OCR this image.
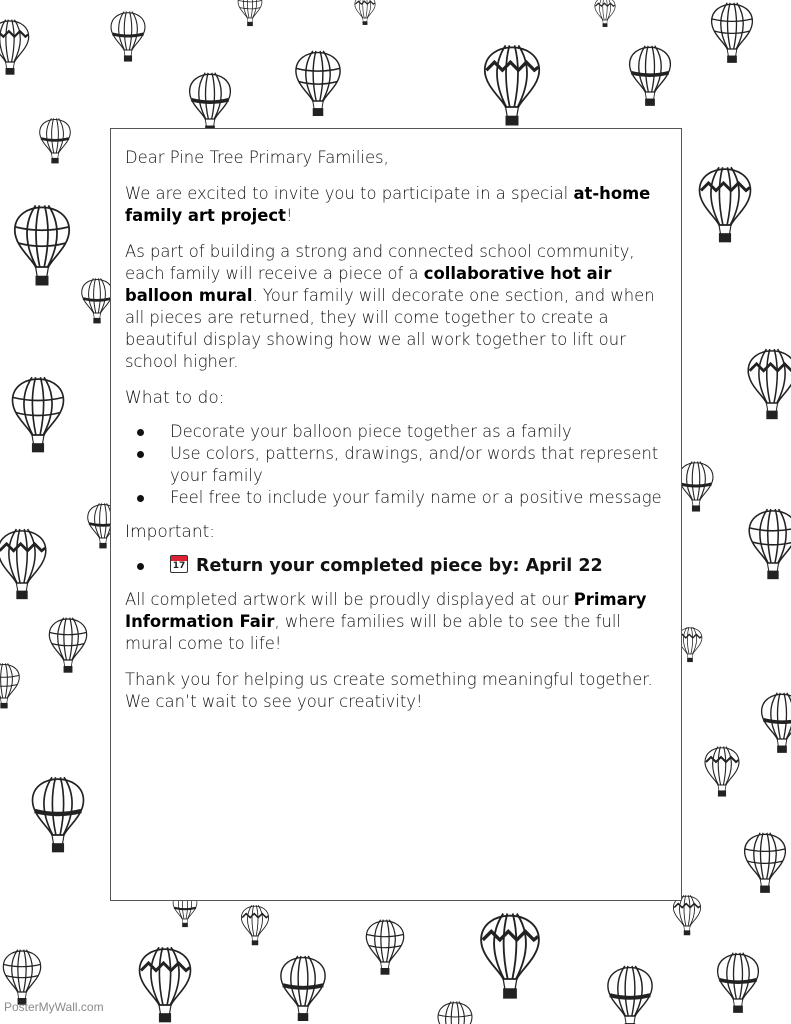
Dear Pine Tree Primary Families,

We are excited to invite you to participate in a special at-home family art project!

As part of building a strong and connected school community, each family will receive a piece of a collaborative hot air balloon mural. Your family will decorate one section, and when all pieces are returned, they will come together to create a beautiful display showing how we all work together to lift our school higher.

What to do:

Decorate your balloon piece together as a family
Use colors, patterns, drawings, and/or words that represent your family
Feel free to include your family name or a positive message

Important:

17 Return your completed piece by: April 22

All completed artwork will be proudly displayed at our Primary Information Fair, where families will be able to see the full mural come to life!

Thank you for helping us create something meaningful together. We can’t wait to see your creativity!

PosterMyWall.com
